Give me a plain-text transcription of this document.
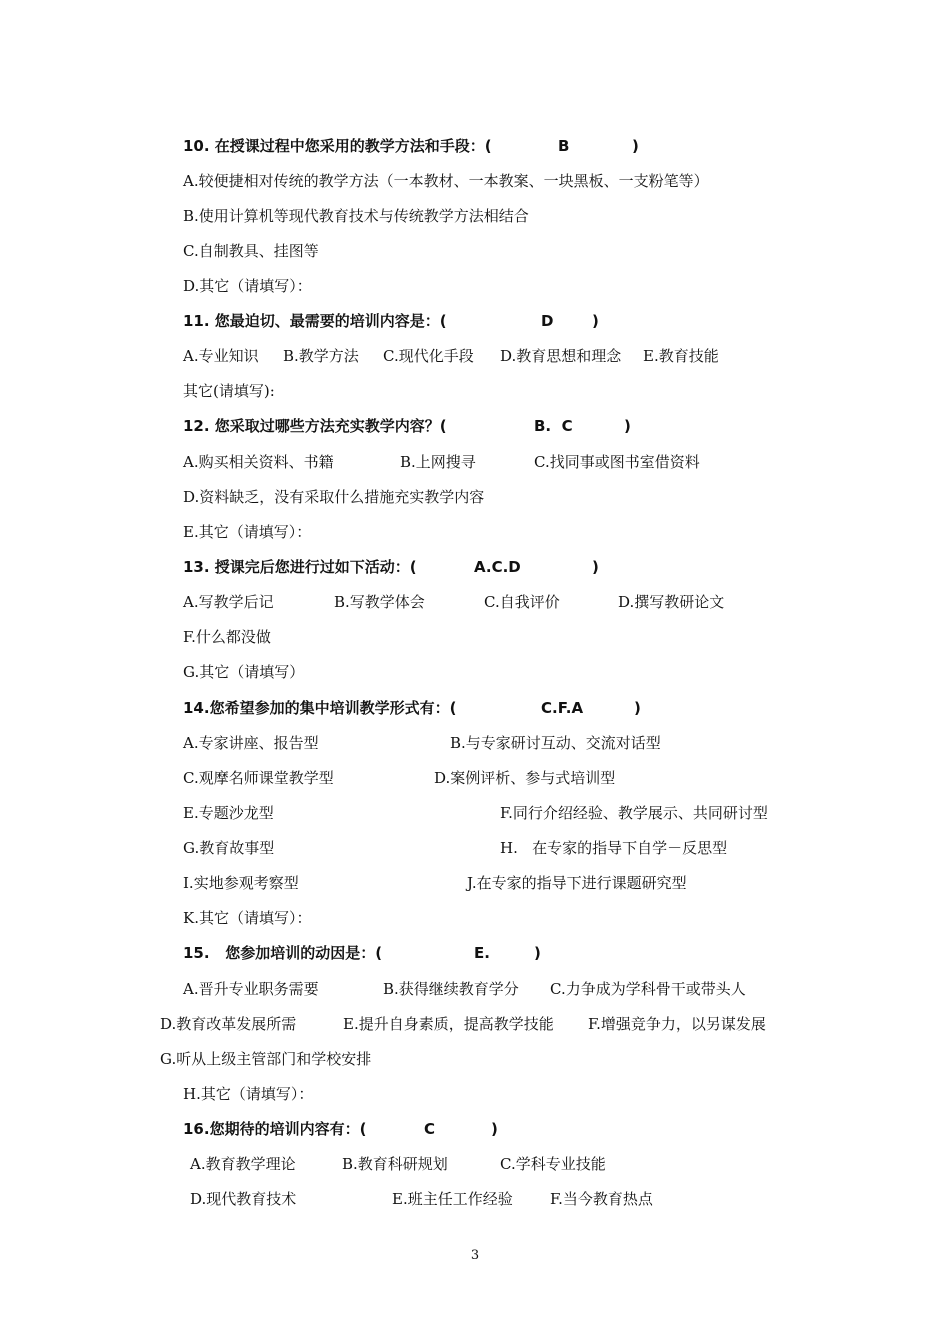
10. 在授课过程中您采用的教学方法和手段：(	B	)
A.较便捷相对传统的教学方法（一本教材、一本教案、一块黑板、一支粉笔等）
B.使用计算机等现代教育技术与传统教学方法相结合
C.自制教具、挂图等
D.其它（请填写）：
11. 您最迫切、最需要的培训内容是：(	D	)
A.专业知识 B.教学方法 C.现代化手段 D.教育思想和理念 E.教育技能
其它(请填写):
12. 您采取过哪些方法充实教学内容？(	B.  C	)
A.购买相关资料、书籍	B.上网搜寻	C.找同事或图书室借资料
D.资料缺乏，没有采取什么措施充实教学内容
E.其它（请填写）：
13. 授课完后您进行过如下活动：(	A.C.D	)
A.写教学后记	B.写教学体会	C.自我评价	D.撰写教研论文
F.什么都没做
G.其它（请填写）
14.您希望参加的集中培训教学形式有：(	C.F.A	)
A.专家讲座、报告型	B.与专家研讨互动、交流对话型
C.观摩名师课堂教学型	D.案例评析、参与式培训型
E.专题沙龙型	F.同行介绍经验、教学展示、共同研讨型
G.教育故事型	H.   在专家的指导下自学－反思型
I.实地参观考察型	J.在专家的指导下进行课题研究型
K.其它（请填写）：
15.   您参加培训的动因是：(	E.	)
A.晋升专业职务需要	B.获得继续教育学分 C.力争成为学科骨干或带头人
D.教育改革发展所需	E.提升自身素质，提高教学技能 F.增强竞争力，以另谋发展
G.听从上级主管部门和学校安排
H.其它（请填写）：
16.您期待的培训内容有：(	C	)
A.教育教学理论	B.教育科研规划	C.学科专业技能
D.现代教育技术	E.班主任工作经验 F.当今教育热点
3
